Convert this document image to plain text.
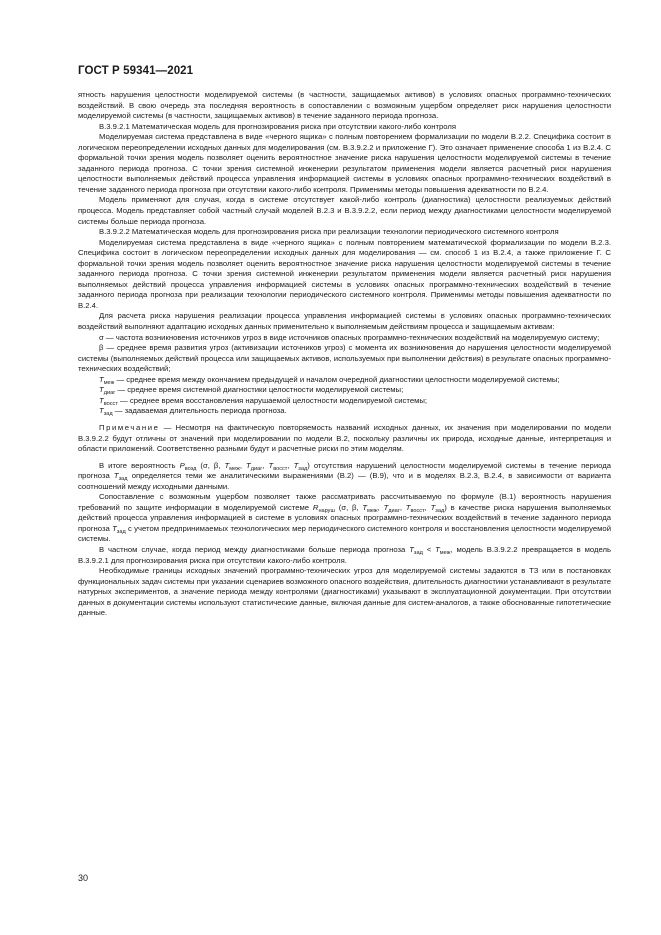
ГОСТ Р 59341—2021

ятность нарушения целостности моделируемой системы (в частности, защищаемых активов) в условиях опасных программно-технических воздействий. В свою очередь эта последняя вероятность в сопоставлении с возможным ущербом определяет риск нарушения целостности моделируемой системы (в частности, защищаемых активов) в течение заданного периода прогноза.

В.3.9.2.1 Математическая модель для прогнозирования риска при отсутствии какого-либо контроля

Моделируемая система представлена в виде «черного ящика» с полным повторением формализации по модели В.2.2. Специфика состоит в логическом переопределении исходных данных для моделирования (см. В.3.9.2.2 и приложение Г). Это означает применение способа 1 из В.2.4. С формальной точки зрения модель позволяет оценить вероятностное значение риска нарушения целостности моделируемой системы в течение заданного периода прогноза. С точки зрения системной инженерии результатом применения модели является расчетный риск нарушения целостности выполняемых действий процесса управления информацией системы в условиях опасных программно-технических воздействий в течение заданного периода прогноза при отсутствии какого-либо контроля. Применимы методы повышения адекватности по В.2.4.

Модель применяют для случая, когда в системе отсутствует какой-либо контроль (диагностика) целостности реализуемых действий процесса. Модель представляет собой частный случай моделей В.2.3 и В.3.9.2.2, если период между диагностиками целостности моделируемой системы больше периода прогноза.

В.3.9.2.2 Математическая модель для прогнозирования риска при реализации технологии периодического системного контроля

Моделируемая система представлена в виде «черного ящика» с полным повторением математической формализации по модели В.2.3. Специфика состоит в логическом переопределении исходных данных для моделирования — см. способ 1 из В.2.4, а также приложение Г. С формальной точки зрения модель позволяет оценить вероятностное значение риска нарушения целостности моделируемой системы в течение заданного периода прогноза. С точки зрения системной инженерии результатом применения модели является расчетный риск нарушения выполняемых действий процесса управления информацией системы в условиях опасных программно-технических воздействий в течение заданного периода прогноза при реализации технологии периодического системного контроля. Применимы методы повышения адекватности по В.2.4.

Для расчета риска нарушения реализации процесса управления информацией системы в условиях опасных программно-технических воздействий выполняют адаптацию исходных данных применительно к выполняемым действиям процесса и защищаемым активам:

σ — частота возникновения источников угроз в виде источников опасных программно-технических воздействий на моделируемую систему;

β — среднее время развития угроз (активизации источников угроз) с момента их возникновения до нарушения целостности моделируемой системы (выполняемых действий процесса или защищаемых активов, используемых при выполнении действия) в результате опасных программно-технических воздействий;

$T_{меж}$ — среднее время между окончанием предыдущей и началом очередной диагностики целостности моделируемой системы;

$T_{диаг}$ — среднее время системной диагностики целостности моделируемой системы;

$T_{восст}$ — среднее время восстановления нарушаемой целостности моделируемой системы;

$T_{зад}$ — задаваемая длительность периода прогноза.

Примечание — Несмотря на фактическую повторяемость названий исходных данных, их значения при моделировании по модели В.3.9.2.2 будут отличны от значений при моделировании по модели В.2, поскольку различны их природа, исходные данные, интерпретация и области приложений. Соответственно разными будут и расчетные риски по этим моделям.

В итоге вероятность $P_{возд}$ (σ, β, $T_{меж}$, $T_{диаг}$, $T_{восст}$, $T_{зад}$) отсутствия нарушений целостности моделируемой системы в течение периода прогноза $T_{зад}$ определяется теми же аналитическими выражениями (В.2) — (В.9), что и в моделях В.2.3, В.2.4, в зависимости от варианта соотношений между исходными данными.

Сопоставление с возможным ущербом позволяет также рассматривать рассчитываемую по формуле (В.1) вероятность нарушения требований по защите информации в моделируемой системе $R_{наруш}$ (σ, β, $T_{меж}$, $T_{диаг}$, $T_{восст}$, $T_{зад}$) в качестве риска нарушения выполняемых действий процесса управления информацией в системе в условиях опасных программно-технических воздействий в течение заданного периода прогноза $T_{зад}$ с учетом предпринимаемых технологических мер периодического системного контроля и восстановления целостности моделируемой системы.

В частном случае, когда период между диагностиками больше периода прогноза $T_{зад} < T_{меж}$, модель В.3.9.2.2 превращается в модель В.3.9.2.1 для прогнозирования риска при отсутствии какого-либо контроля.

Необходимые границы исходных значений программно-технических угроз для моделируемой системы задаются в ТЗ или в постановках функциональных задач системы при указании сценариев возможного опасного воздействия, длительность диагностики устанавливают в результате натурных экспериментов, а значение периода между контролями (диагностиками) указывают в эксплуатационной документации. При отсутствии данных в документации системы используют статистические данные, включая данные для систем-аналогов, а также обоснованные гипотетические данные.

30
